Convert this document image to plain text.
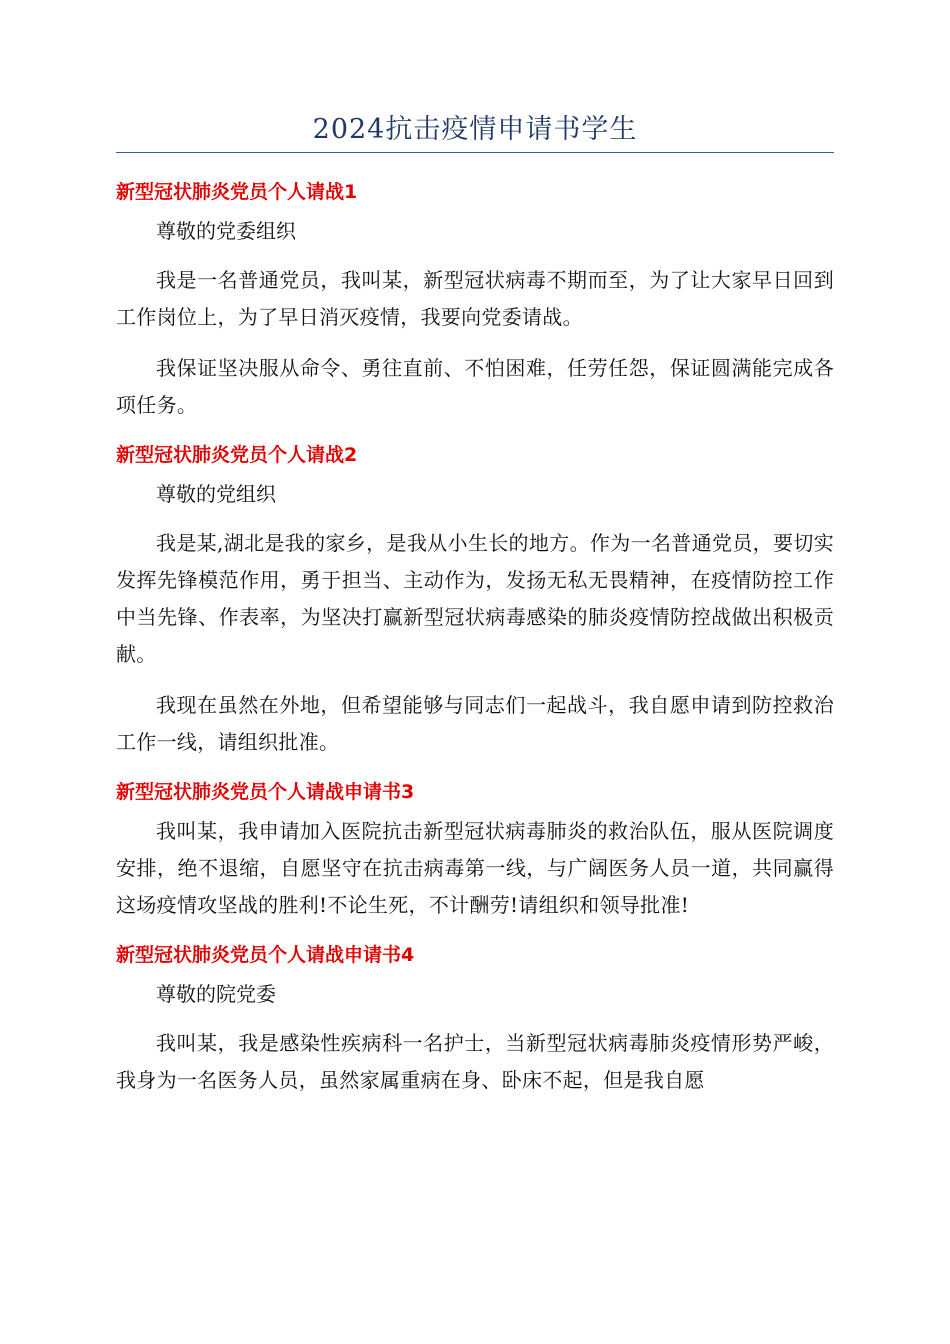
2024抗击疫情申请书学生
新型冠状肺炎党员个人请战1

尊敬的党委组织

我是一名普通党员，我叫某，新型冠状病毒不期而至，为了让大家早日回到工作岗位上，为了早日消灭疫情，我要向党委请战。

我保证坚决服从命令、勇往直前、不怕困难，任劳任怨，保证圆满能完成各项任务。

新型冠状肺炎党员个人请战2

尊敬的党组织

我是某,湖北是我的家乡，是我从小生长的地方。作为一名普通党员，要切实发挥先锋模范作用，勇于担当、主动作为，发扬无私无畏精神，在疫情防控工作中当先锋、作表率，为坚决打赢新型冠状病毒感染的肺炎疫情防控战做出积极贡献。

我现在虽然在外地，但希望能够与同志们一起战斗，我自愿申请到防控救治工作一线，请组织批准。

新型冠状肺炎党员个人请战申请书3

我叫某，我申请加入医院抗击新型冠状病毒肺炎的救治队伍，服从医院调度安排，绝不退缩，自愿坚守在抗击病毒第一线，与广阔医务人员一道，共同赢得这场疫情攻坚战的胜利!不论生死，不计酬劳!请组织和领导批准!

新型冠状肺炎党员个人请战申请书4

尊敬的院党委

我叫某，我是感染性疾病科一名护士，当新型冠状病毒肺炎疫情形势严峻，我身为一名医务人员，虽然家属重病在身、卧床不起，但是我自愿
